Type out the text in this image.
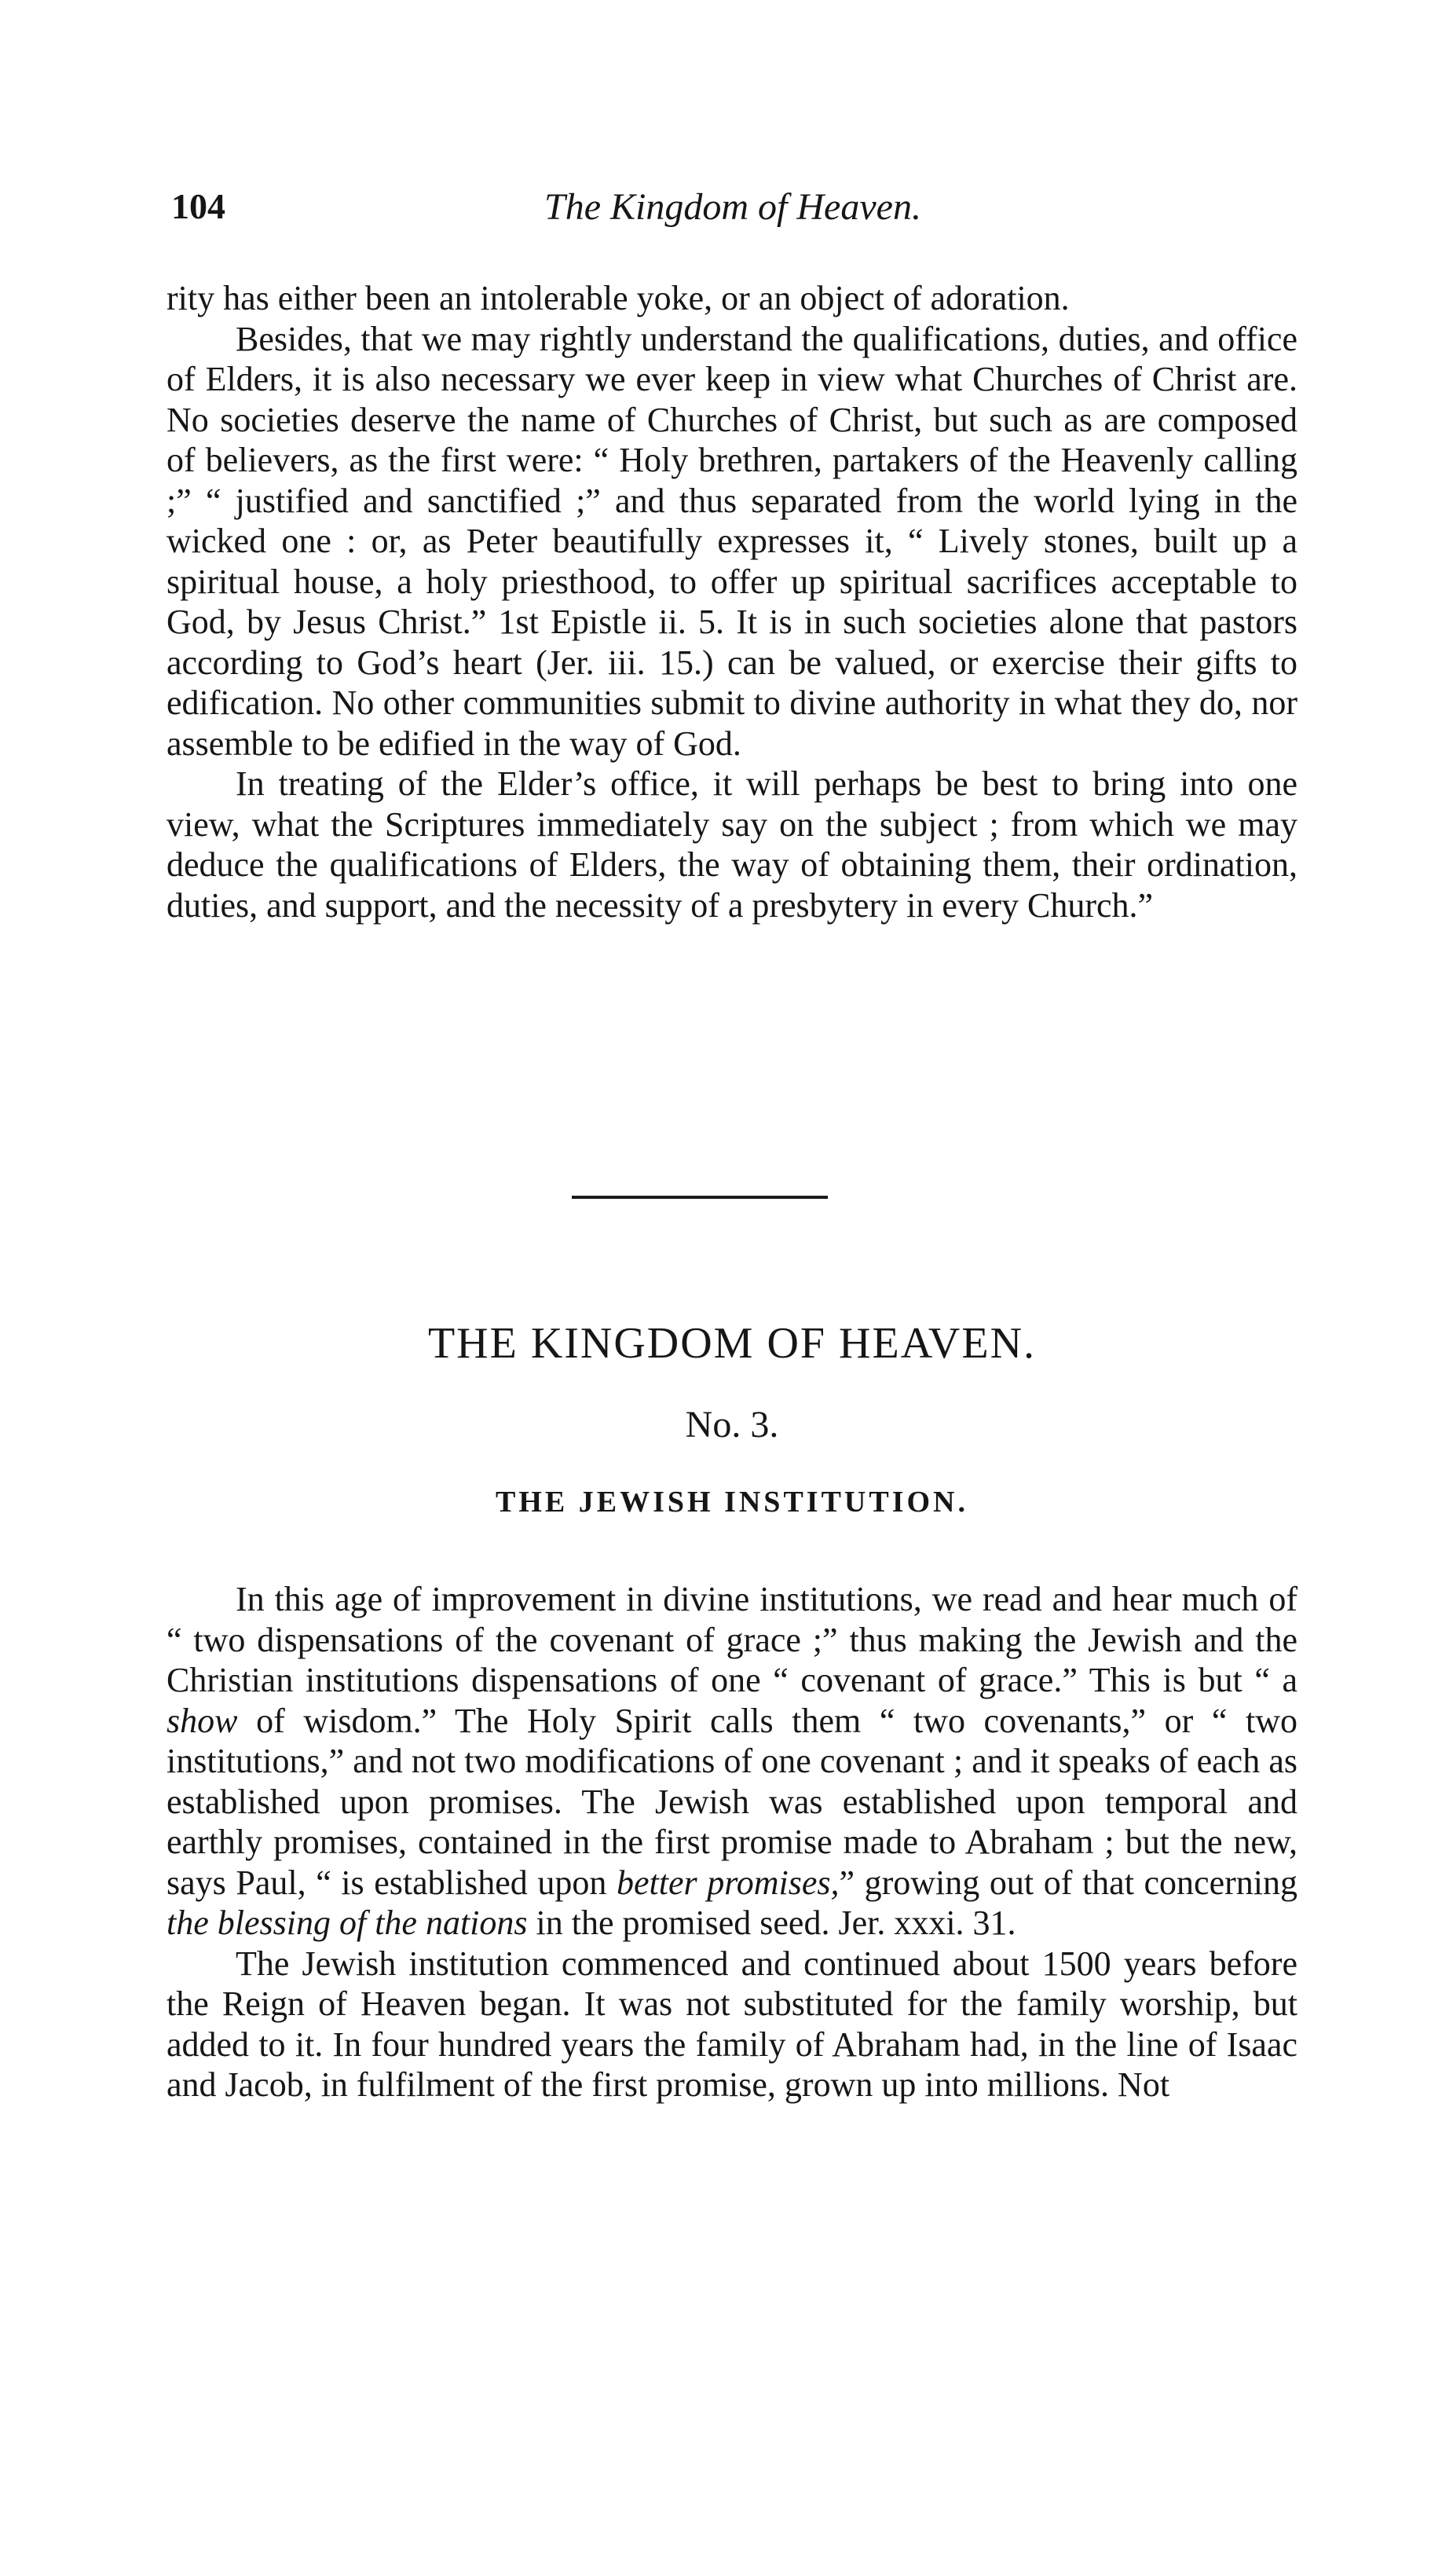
104	The Kingdom of Heaven.

rity has either been an intolerable yoke, or an object of adoration.

Besides, that we may rightly understand the qualifications, duties, and office of Elders, it is also necessary we ever keep in view what Churches of Christ are. No societies deserve the name of Churches of Christ, but such as are composed of believers, as the first were: “ Holy brethren, partakers of the Heavenly calling ;” “ justified and sanctified ;” and thus separated from the world lying in the wicked one : or, as Peter beautifully expresses it, “ Lively stones, built up a spiritual house, a holy priesthood, to offer up spiritual sacrifices acceptable to God, by Jesus Christ.” 1st Epistle ii. 5. It is in such societies alone that pastors according to God’s heart (Jer. iii. 15.) can be valued, or exercise their gifts to edification. No other communities submit to divine authority in what they do, nor assemble to be edified in the way of God.

In treating of the Elder’s office, it will perhaps be best to bring into one view, what the Scriptures immediately say on the subject ; from which we may deduce the qualifications of Elders, the way of obtaining them, their ordination, duties, and support, and the necessity of a presbytery in every Church.”

THE KINGDOM OF HEAVEN.
No. 3.
THE JEWISH INSTITUTION.

In this age of improvement in divine institutions, we read and hear much of “ two dispensations of the covenant of grace ;” thus making the Jewish and the Christian institutions dispensations of one “ covenant of grace.” This is but “ a show of wisdom.” The Holy Spirit calls them “ two covenants,” or “ two institutions,” and not two modifications of one covenant ; and it speaks of each as established upon promises. The Jewish was established upon temporal and earthly promises, contained in the first promise made to Abraham ; but the new, says Paul, “ is established upon better promises,” growing out of that concerning the blessing of the nations in the promised seed. Jer. xxxi. 31.

The Jewish institution commenced and continued about 1500 years before the Reign of Heaven began. It was not substituted for the family worship, but added to it. In four hundred years the family of Abraham had, in the line of Isaac and Jacob, in fulfilment of the first promise, grown up into millions. Not
